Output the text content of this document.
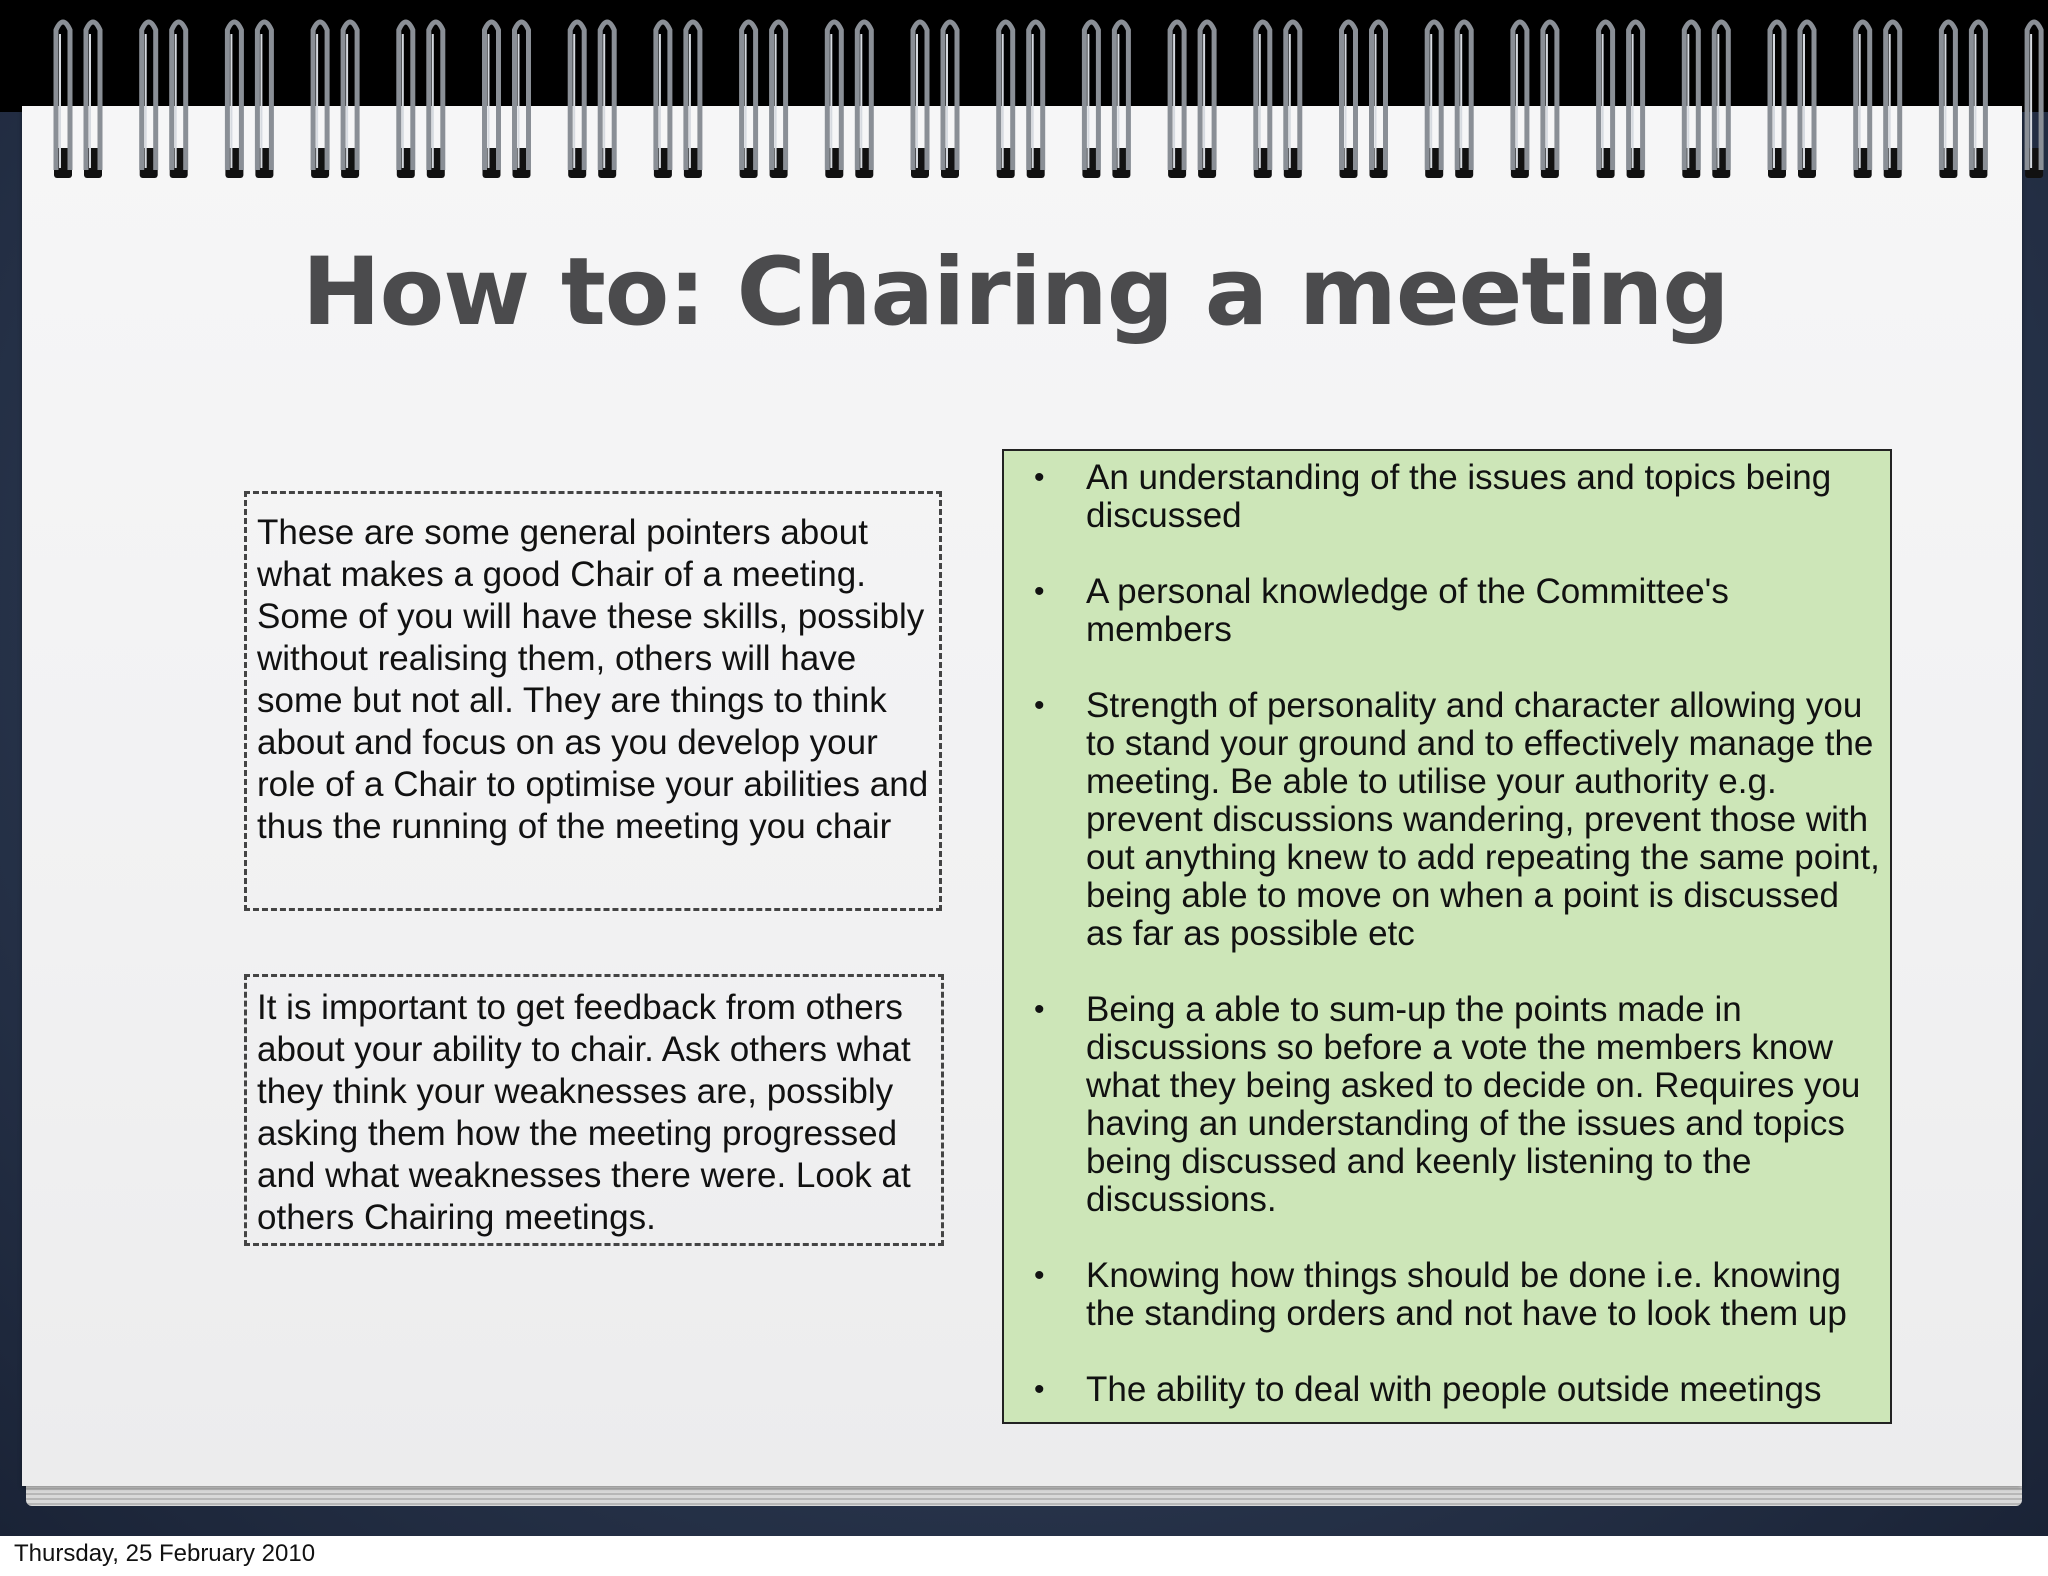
How to: Chairing a meeting
These are some general pointers about what makes a good Chair of a meeting. Some of you will have these skills, possibly without realising them, others will have some but not all. They are things to think about and focus on as you develop your role of a Chair to optimise your abilities and thus the running of the meeting you chair
It is important to get feedback from others about your ability to chair. Ask others what they think your weaknesses are, possibly asking them how the meeting progressed and what weaknesses there were. Look at others Chairing meetings.
• An understanding of the issues and topics being discussed
• A personal knowledge of the Committee's members
• Strength of personality and character allowing you to stand your ground and to effectively manage the meeting. Be able to utilise your authority e.g. prevent discussions wandering, prevent those with out anything knew to add repeating the same point, being able to move on when a point is discussed as far as possible etc
• Being a able to sum-up the points made in discussions so before a vote the members know what they being asked to decide on. Requires you having an understanding of the issues and topics being discussed and keenly listening to the discussions.
• Knowing how things should be done i.e. knowing the standing orders and not have to look them up
• The ability to deal with people outside meetings
Thursday, 25 February 2010
